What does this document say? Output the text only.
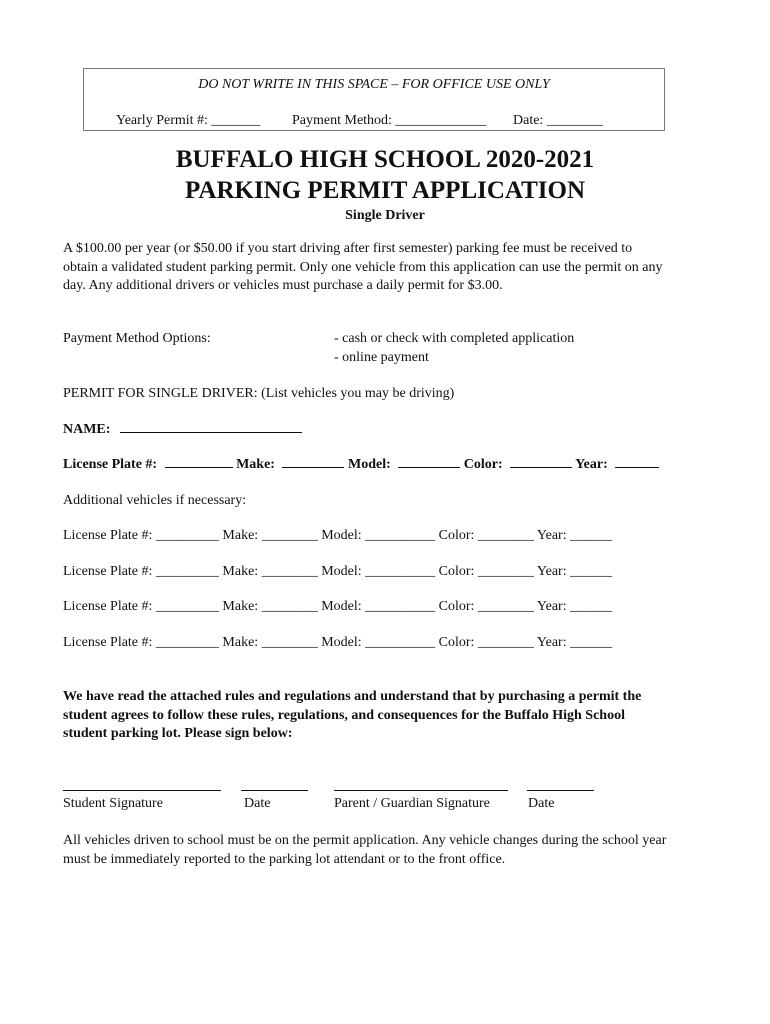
DO NOT WRITE IN THIS SPACE – FOR OFFICE USE ONLY
Yearly Permit #: _______ Payment Method: _____________ Date: ________
BUFFALO HIGH SCHOOL 2020-2021
PARKING PERMIT APPLICATION
Single Driver
A $100.00 per year (or $50.00 if you start driving after first semester) parking fee must be received to obtain a validated student parking permit. Only one vehicle from this application can use the permit on any day. Any additional drivers or vehicles must purchase a daily permit for $3.00.
Payment Method Options:	- cash or check with completed application
- online payment
PERMIT FOR SINGLE DRIVER: (List vehicles you may be driving)
NAME:
License Plate #:	Make:	Model:	Color:	Year:
Additional vehicles if necessary:
License Plate #: _________ Make: ________ Model: __________ Color: ________ Year: ______
License Plate #: _________ Make: ________ Model: __________ Color: ________ Year: ______
License Plate #: _________ Make: ________ Model: __________ Color: ________ Year: ______
License Plate #: _________ Make: ________ Model: __________ Color: ________ Year: ______
We have read the attached rules and regulations and understand that by purchasing a permit the student agrees to follow these rules, regulations, and consequences for the Buffalo High School student parking lot. Please sign below:
Student Signature	Date	Parent / Guardian Signature	Date
All vehicles driven to school must be on the permit application. Any vehicle changes during the school year must be immediately reported to the parking lot attendant or to the front office.
